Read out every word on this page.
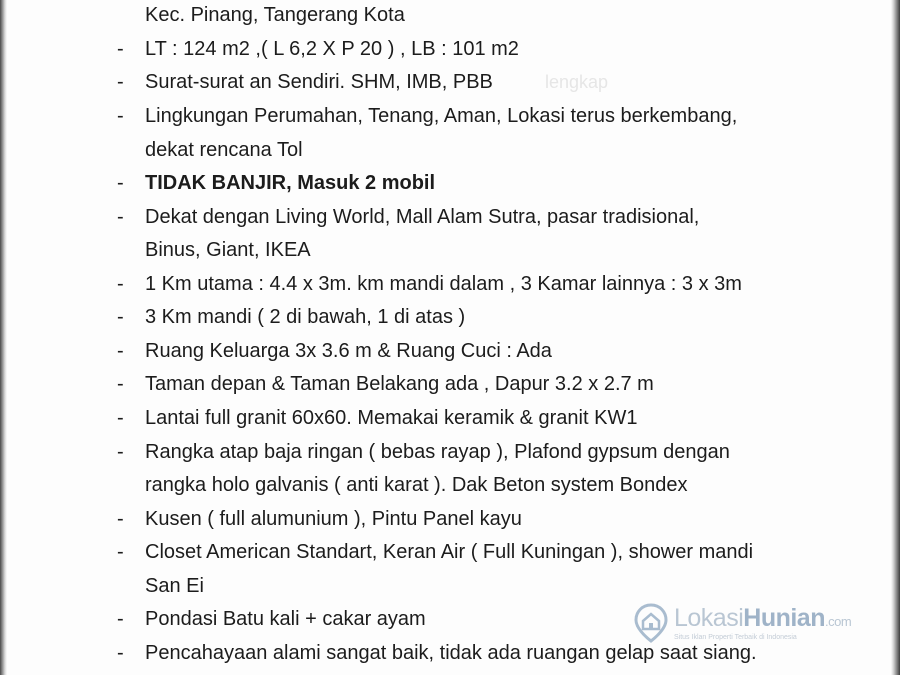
Kec. Pinang, Tangerang Kota
- LT : 124 m2 ,( L 6,2 X P 20 ) , LB : 101 m2
- Surat-surat an Sendiri. SHM, IMB, PBB	lengkap
- Lingkungan Perumahan, Tenang, Aman, Lokasi terus berkembang,
dekat rencana Tol
- TIDAK BANJIR, Masuk 2 mobil
- Dekat dengan Living World, Mall Alam Sutra, pasar tradisional,
Binus, Giant, IKEA
- 1 Km utama : 4.4 x 3m. km mandi dalam , 3 Kamar lainnya : 3 x 3m
- 3 Km mandi ( 2 di bawah, 1 di atas )
- Ruang Keluarga 3x 3.6 m & Ruang Cuci : Ada
- Taman depan & Taman Belakang ada , Dapur 3.2 x 2.7 m
- Lantai full granit 60x60. Memakai keramik & granit KW1
- Rangka atap baja ringan ( bebas rayap ), Plafond gypsum dengan
rangka holo galvanis ( anti karat ). Dak Beton system Bondex
- Kusen ( full alumunium ), Pintu Panel kayu
- Closet American Standart, Keran Air ( Full Kuningan ), shower mandi
San Ei
- Pondasi Batu kali + cakar ayam
- Pencahayaan alami sangat baik, tidak ada ruangan gelap saat siang.
LokasiHunian.com
Situs Iklan Properti Terbaik di Indonesia
